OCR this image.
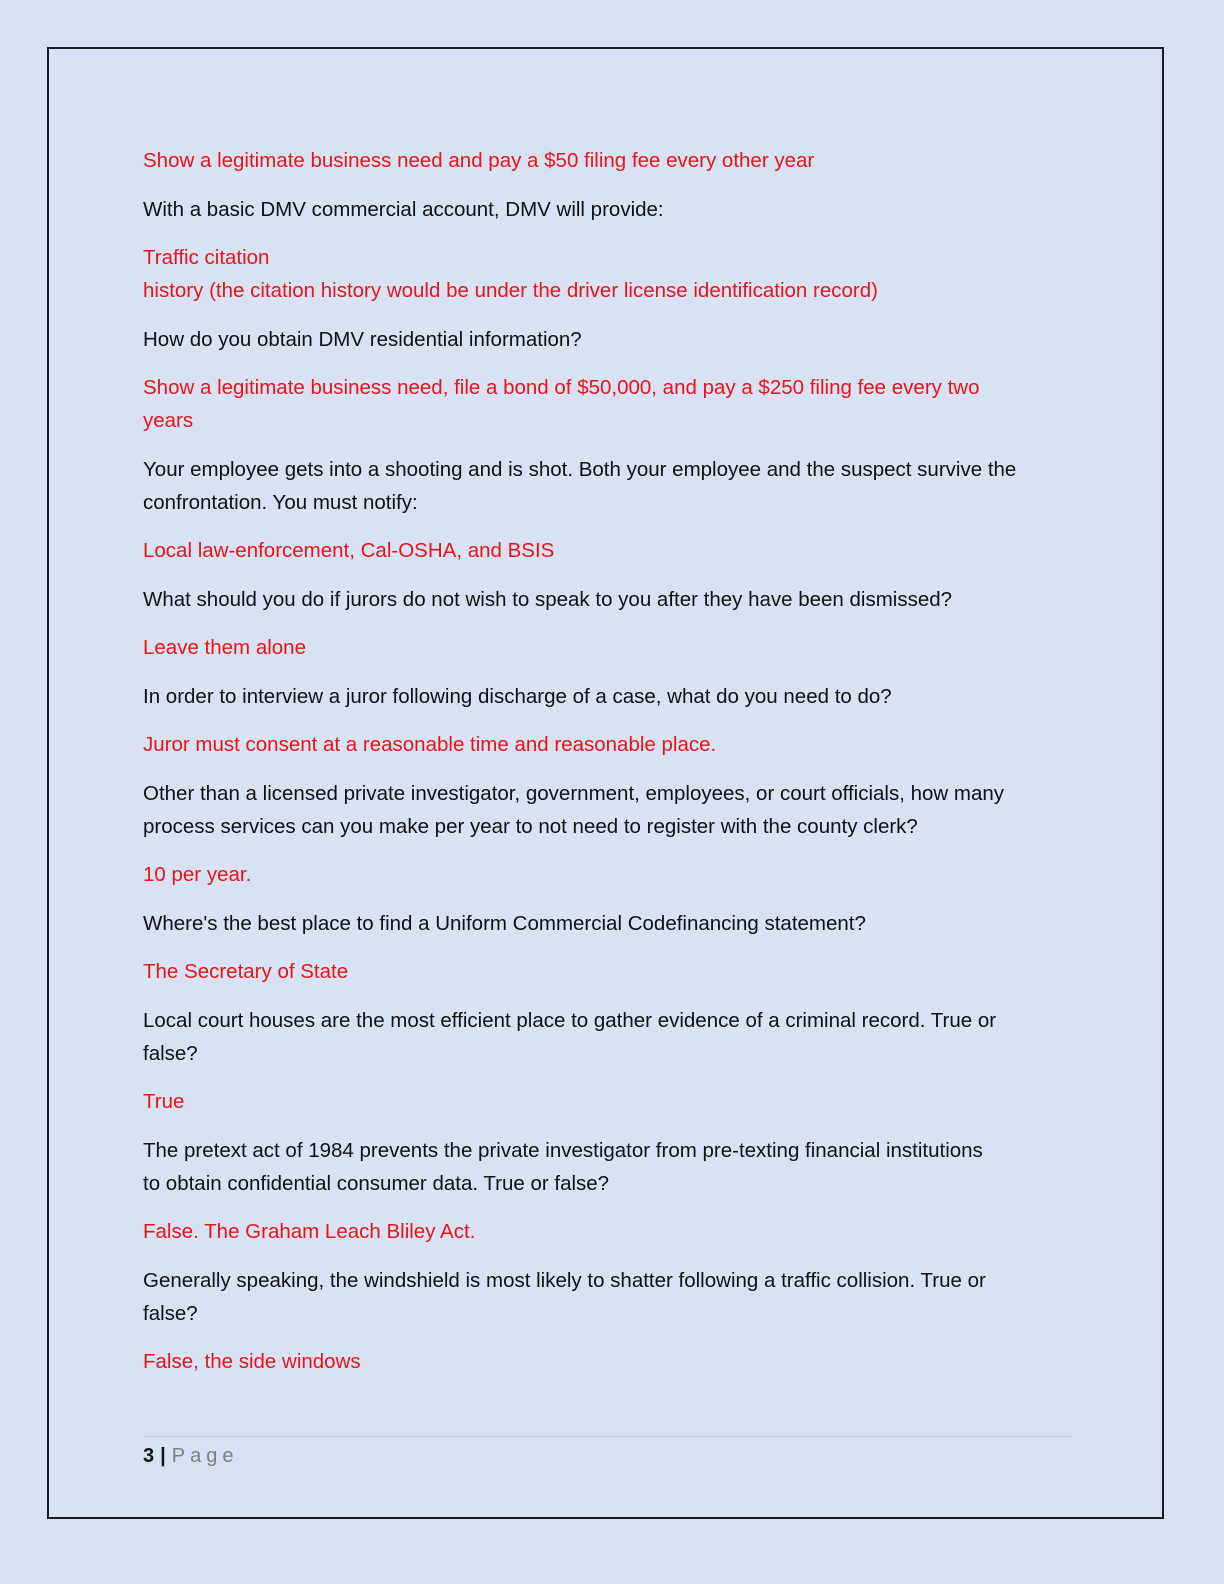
Show a legitimate business need and pay a $50 filing fee every other year
With a basic DMV commercial account, DMV will provide:
Traffic citation
history (the citation history would be under the driver license identification record)
How do you obtain DMV residential information?
Show a legitimate business need, file a bond of $50,000, and pay a $250 filing fee every two
years
Your employee gets into a shooting and is shot. Both your employee and the suspect survive the
confrontation. You must notify:
Local law-enforcement, Cal-OSHA, and BSIS
What should you do if jurors do not wish to speak to you after they have been dismissed?
Leave them alone
In order to interview a juror following discharge of a case, what do you need to do?
Juror must consent at a reasonable time and reasonable place.
Other than a licensed private investigator, government, employees, or court officials, how many
process services can you make per year to not need to register with the county clerk?
10 per year.
Where's the best place to find a Uniform Commercial Codefinancing statement?
The Secretary of State
Local court houses are the most efficient place to gather evidence of a criminal record. True or
false?
True
The pretext act of 1984 prevents the private investigator from pre-texting financial institutions
to obtain confidential consumer data. True or false?
False. The Graham Leach Bliley Act.
Generally speaking, the windshield is most likely to shatter following a traffic collision. True or
false?
False, the side windows
3 | Page
